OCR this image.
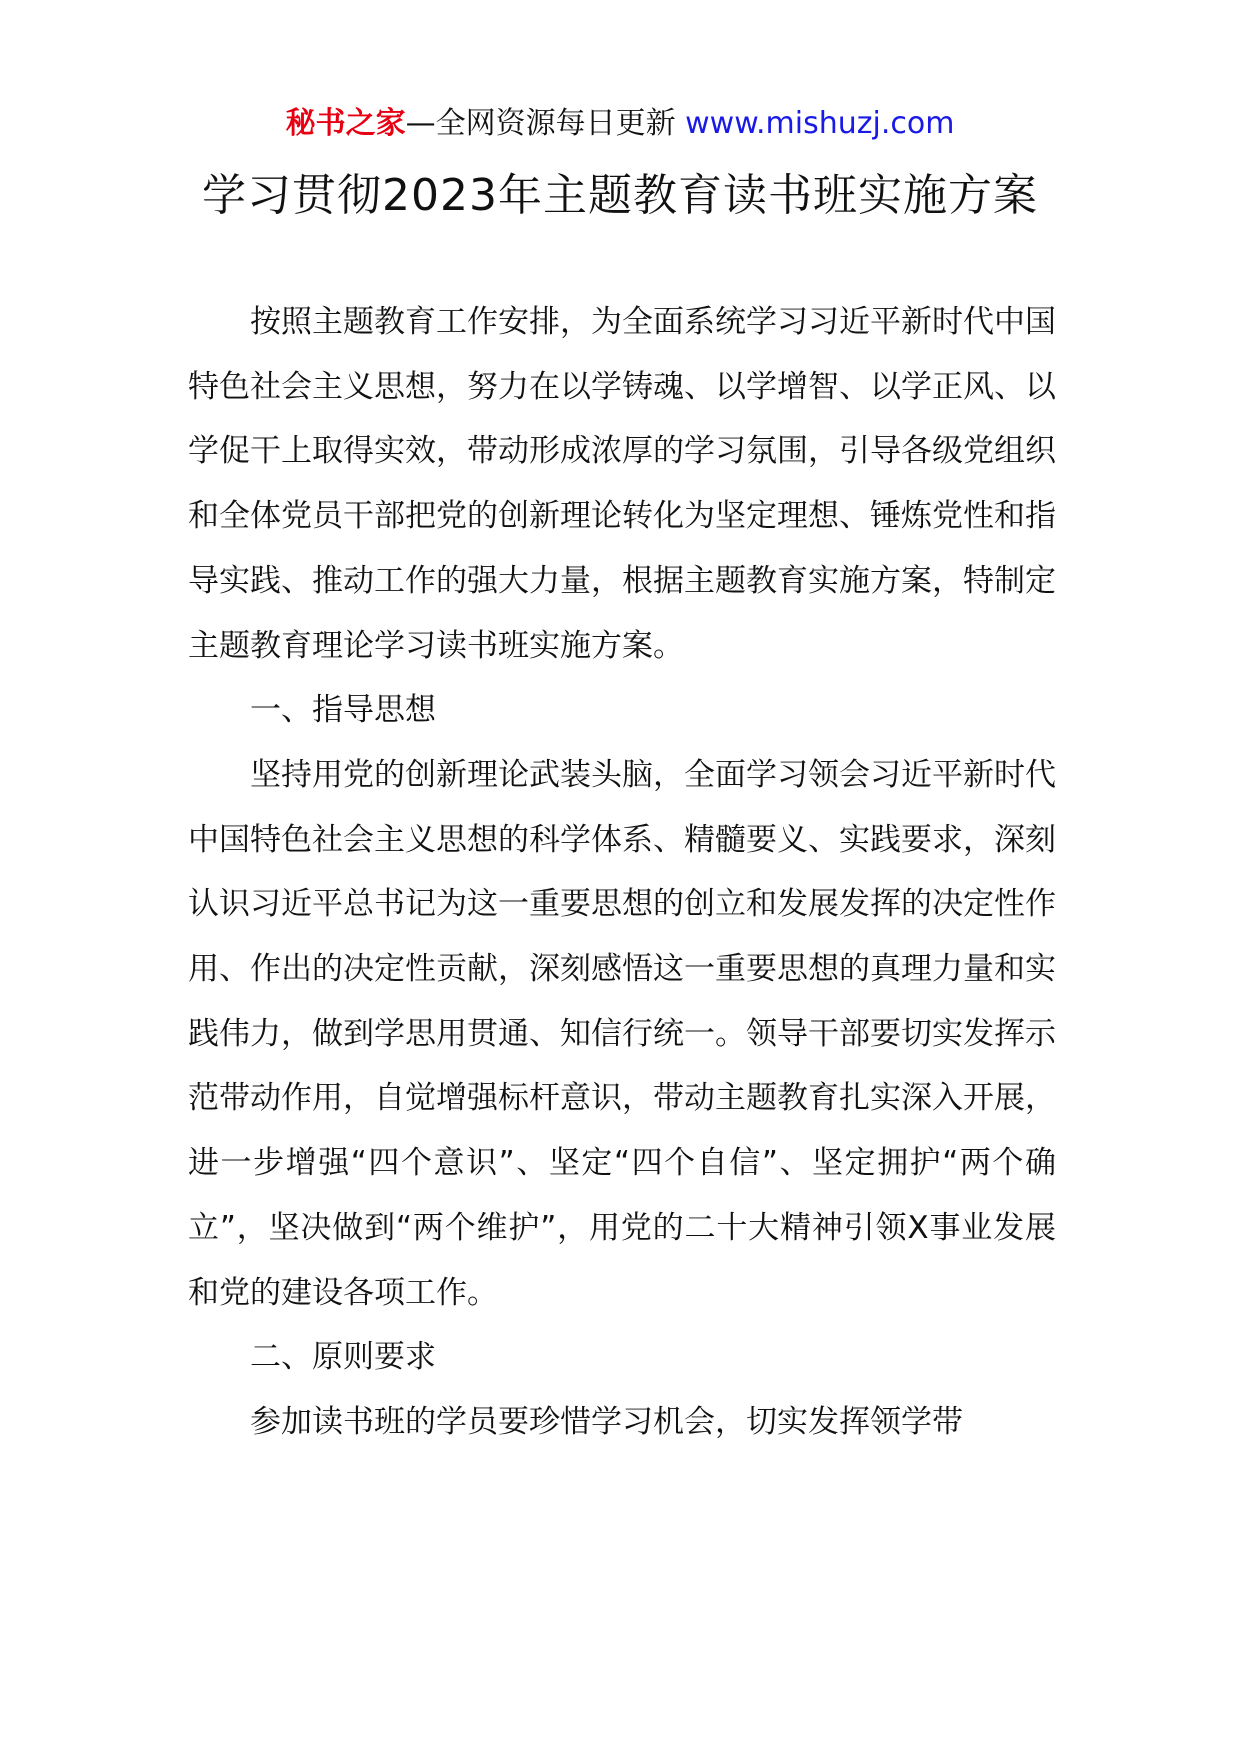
秘书之家—全网资源每日更新 www.mishuzj.com
学习贯彻2023年主题教育读书班实施方案

按照主题教育工作安排，为全面系统学习习近平新时代中国特色社会主义思想，努力在以学铸魂、以学增智、以学正风、以学促干上取得实效，带动形成浓厚的学习氛围，引导各级党组织和全体党员干部把党的创新理论转化为坚定理想、锤炼党性和指导实践、推动工作的强大力量，根据主题教育实施方案，特制定主题教育理论学习读书班实施方案。

一、指导思想

坚持用党的创新理论武装头脑，全面学习领会习近平新时代中国特色社会主义思想的科学体系、精髓要义、实践要求，深刻认识习近平总书记为这一重要思想的创立和发展发挥的决定性作用、作出的决定性贡献，深刻感悟这一重要思想的真理力量和实践伟力，做到学思用贯通、知信行统一。领导干部要切实发挥示范带动作用，自觉增强标杆意识，带动主题教育扎实深入开展，进一步增强“四个意识”、坚定“四个自信”、坚定拥护“两个确立”，坚决做到“两个维护”，用党的二十大精神引领X事业发展和党的建设各项工作。

二、原则要求

参加读书班的学员要珍惜学习机会，切实发挥领学带
